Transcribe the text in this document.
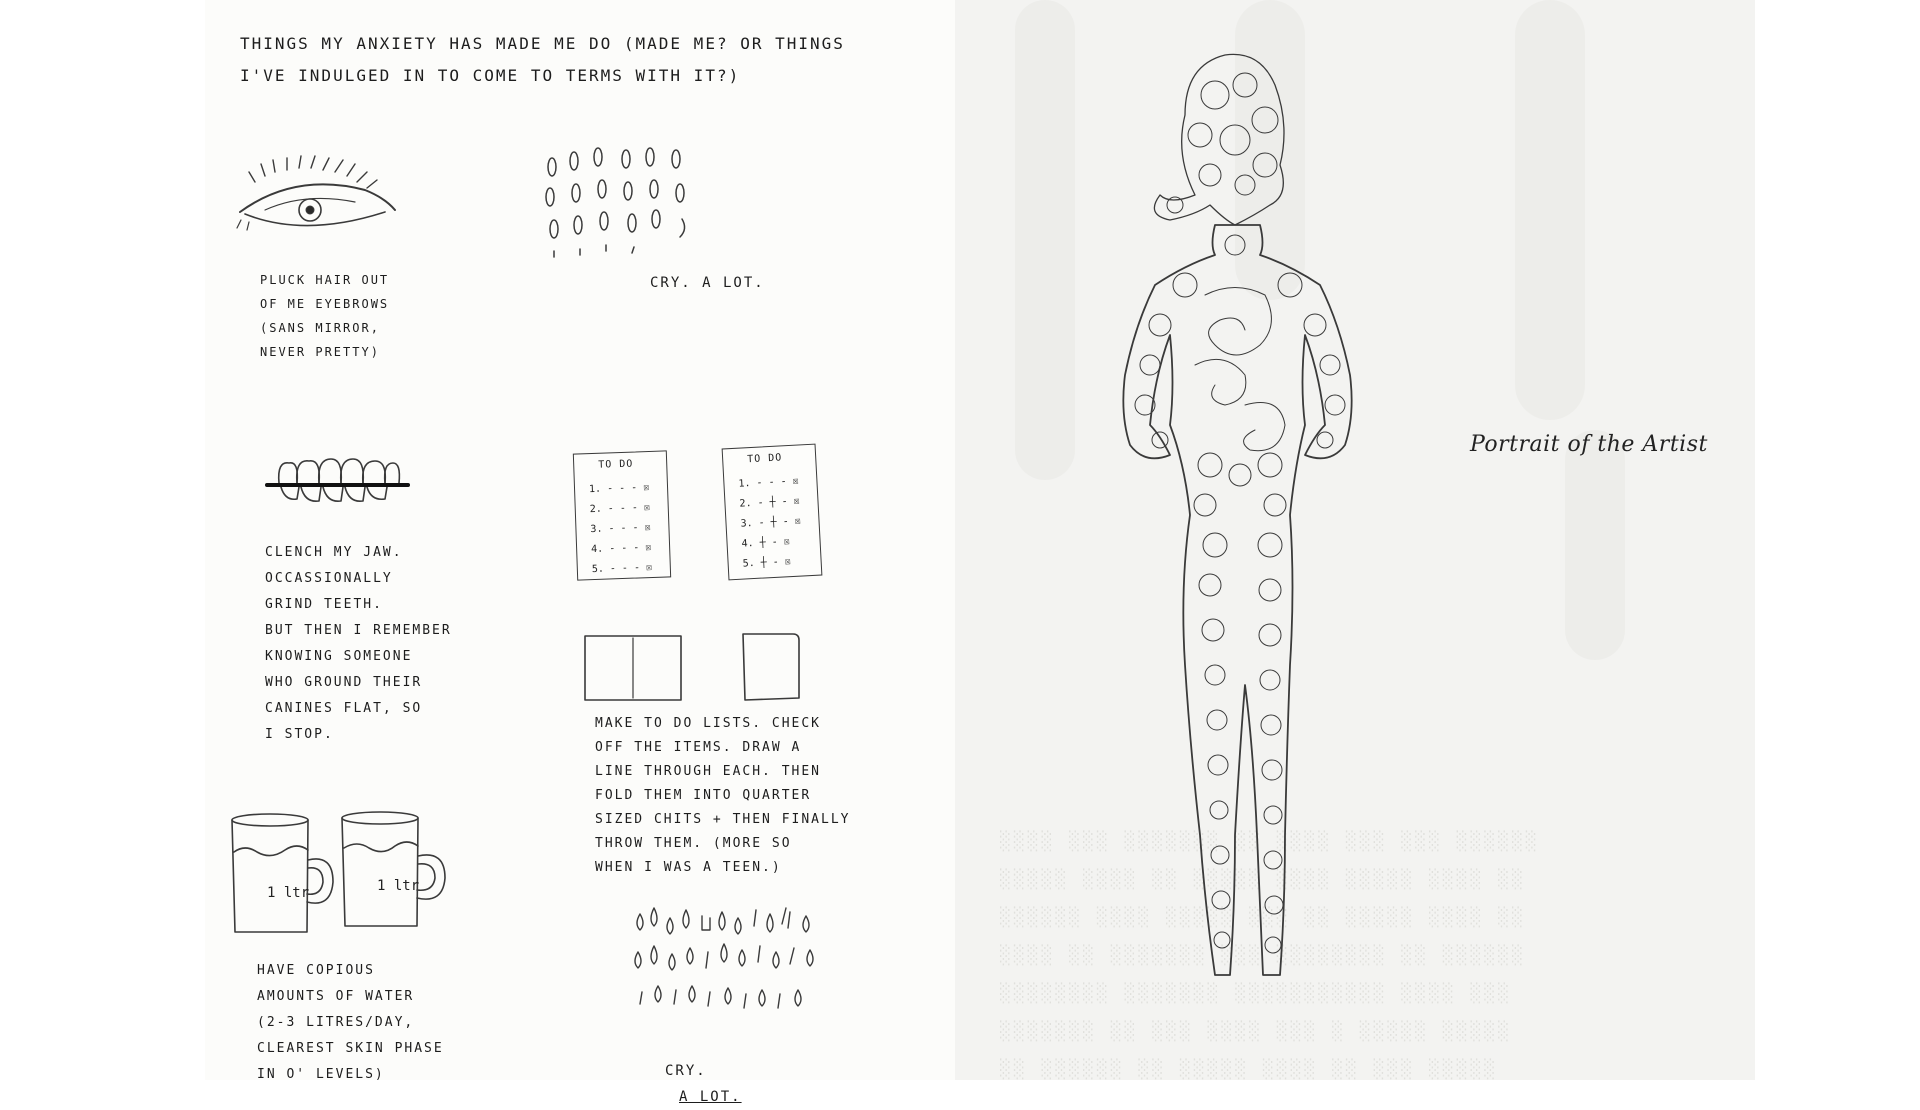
THINGS MY ANXIETY HAS MADE ME DO (MADE ME? OR THINGS
I'VE INDULGED IN TO COME TO TERMS WITH IT?)

PLUCK HAIR OUT
OF ME EYEBROWS
(SANS MIRROR,
NEVER PRETTY)

CRY. A LOT.

CLENCH MY JAW.
OCCASSIONALLY
GRIND TEETH.
BUT THEN I REMEMBER
KNOWING SOMEONE
WHO GROUND THEIR
CANINES FLAT, SO
I STOP.

TO DO
1. - - - ☒
2. - - - ☒
3. - - - ☒
4. - - - ☒
5. - - - ☒
TO DO
1. - - - ☒
2. - ┼ - ☒
3. - ┼ - ☒
4. ┼ - ☒
5. ┼ - ☒

MAKE TO DO LISTS. CHECK
OFF THE ITEMS. DRAW A
LINE THROUGH EACH. THEN
FOLD THEM INTO QUARTER
SIZED CHITS + THEN FINALLY
THROW THEM. (MORE SO
WHEN I WAS A TEEN.)

1 ltr	1 ltr

HAVE COPIOUS
AMOUNTS OF WATER
(2-3 LITRES/DAY,
CLEAREST SKIN PHASE
IN O' LEVELS)	CRY.
A LOT.

░░░░ ░░░ ░░░░░░░ ░░ ░░░░ ░░░ ░░░ ░░░░░░
░░░░░ ░░░░ ░░ ░░░░░ ░░░░ ░░░░░ ░░░░ ░░
░░░░░░ ░░░░ ░░░░░ ░░░ ░░ ░░░░░ ░░░░ ░░
░░░░ ░░ ░░░░░░░ ░░░ ░░░░░░░░ ░░ ░░░░░░
░░░░░░░░ ░░░░░░░ ░░░░░░░░░░░ ░░░░ ░░░
░░░░░░░ ░░ ░░░ ░░░░ ░░░ ░ ░░░░░ ░░░░░
░░ ░░░░░░ ░░ ░░░░░ ░░░░ ░░ ░░░ ░░░░░

Portrait of the Artist
